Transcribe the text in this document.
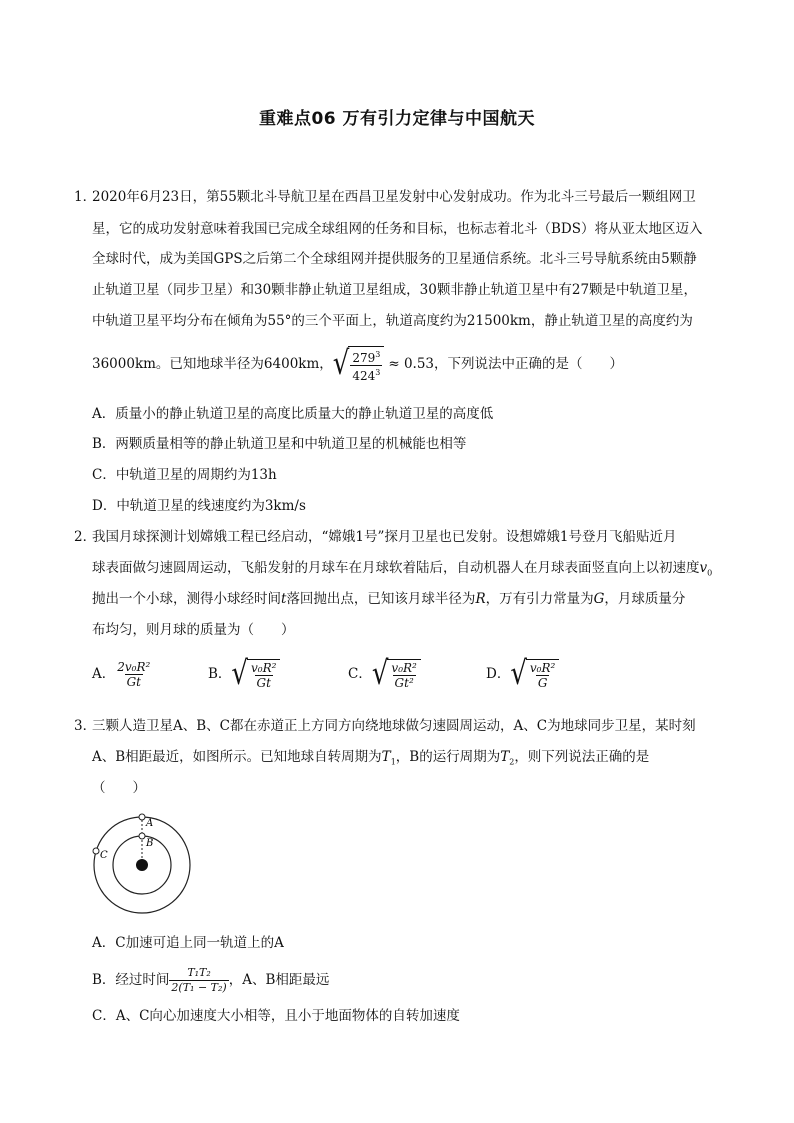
重难点06 万有引力定律与中国航天
1．
2020年6月23日，第55颗北斗导航卫星在西昌卫星发射中心发射成功。作为北斗三号最后一颗组网卫
星，它的成功发射意味着我国已完成全球组网的任务和目标，也标志着北斗（BDS）将从亚太地区迈入
全球时代，成为美国GPS之后第二个全球组网并提供服务的卫星通信系统。北斗三号导航系统由5颗静
止轨道卫星（同步卫星）和30颗非静止轨道卫星组成，30颗非静止轨道卫星中有27颗是中轨道卫星，
中轨道卫星平均分布在倾角为55°的三个平面上，轨道高度约为21500km，静止轨道卫星的高度约为
36000km。已知地球半径为6400km， √ $\frac{279^3}{424^3} \approx 0.53$ ，下列说法中正确的是（　　）
A．质量小的静止轨道卫星的高度比质量大的静止轨道卫星的高度低
B．两颗质量相等的静止轨道卫星和中轨道卫星的机械能也相等
C．中轨道卫星的周期约为13h
D．中轨道卫星的线速度约为3km/s
2．
我国月球探测计划嫦娥工程已经启动，“嫦娥1号”探月卫星也已发射。设想嫦娥1号登月飞船贴近月
球表面做匀速圆周运动，飞船发射的月球车在月球软着陆后，自动机器人在月球表面竖直向上以初速度$v_0$
抛出一个小球，测得小球经时间t落回抛出点，已知该月球半径为R，万有引力常量为G，月球质量分
布均匀，则月球的质量为（　　）
A． $\frac{\text{2v₀R²}}{Gt}$	B． √ $\frac{\text{v₀R²}}{Gt}$	C． √ $\frac{\text{v₀R²}}{\text{Gt²}}$	D． √ $\frac{\text{v₀R²}}{G}$
3．
三颗人造卫星A、B、C都在赤道正上方同方向绕地球做匀速圆周运动，A、C为地球同步卫星，某时刻
A、B相距最近，如图所示。已知地球自转周期为$T_1$，B的运行周期为$T_2$，则下列说法正确的是
（　　）
A
B
C
A．C加速可追上同一轨道上的A
B．经过时间 $\frac{\text{T₁T₂}}{\text{2(T₁ − T₂)}}$ ，A、B相距最远
C．A、C向心加速度大小相等，且小于地面物体的自转加速度
